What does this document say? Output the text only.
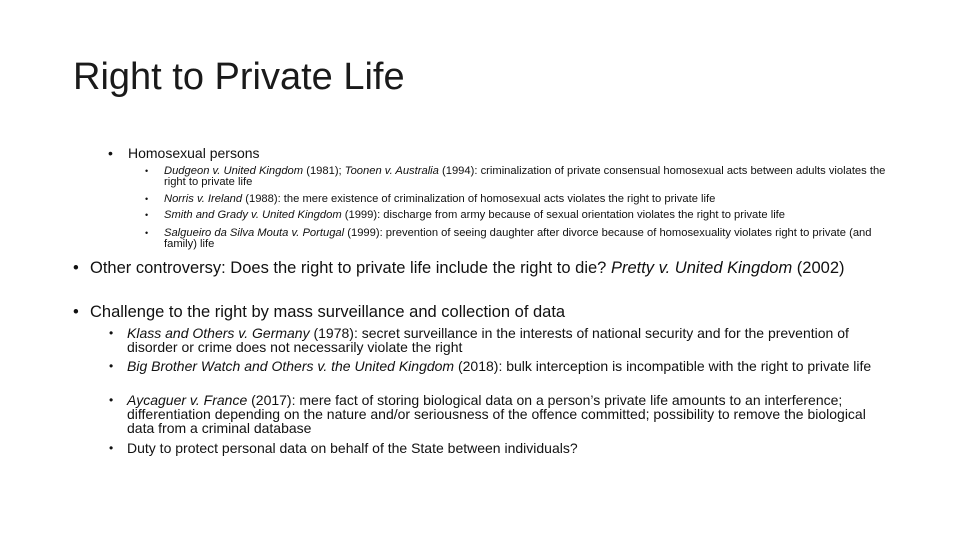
Right to Private Life
•	Homosexual persons
•	Dudgeon v. United Kingdom (1981); Toonen v. Australia (1994): criminalization of private consensual homosexual acts between adults violates the right to private life
•	Norris v. Ireland (1988): the mere existence of criminalization of homosexual acts violates the right to private life
•	Smith and Grady v. United Kingdom (1999): discharge from army because of sexual orientation violates the right to private life
•	Salgueiro da Silva Mouta v. Portugal (1999): prevention of seeing daughter after divorce because of homosexuality violates right to private (and family) life
• Other controversy: Does the right to private life include the right to die? Pretty v. United Kingdom (2002)
• Challenge to the right by mass surveillance and collection of data
• Klass and Others v. Germany (1978): secret surveillance in the interests of national security and for the prevention of disorder or crime does not necessarily violate the right
• Big Brother Watch and Others v. the United Kingdom (2018): bulk interception is incompatible with the right to private life
• Aycaguer v. France (2017): mere fact of storing biological data on a person’s private life amounts to an interference; differentiation depending on the nature and/or seriousness of the offence committed; possibility to remove the biological data from a criminal database
• Duty to protect personal data on behalf of the State between individuals?
